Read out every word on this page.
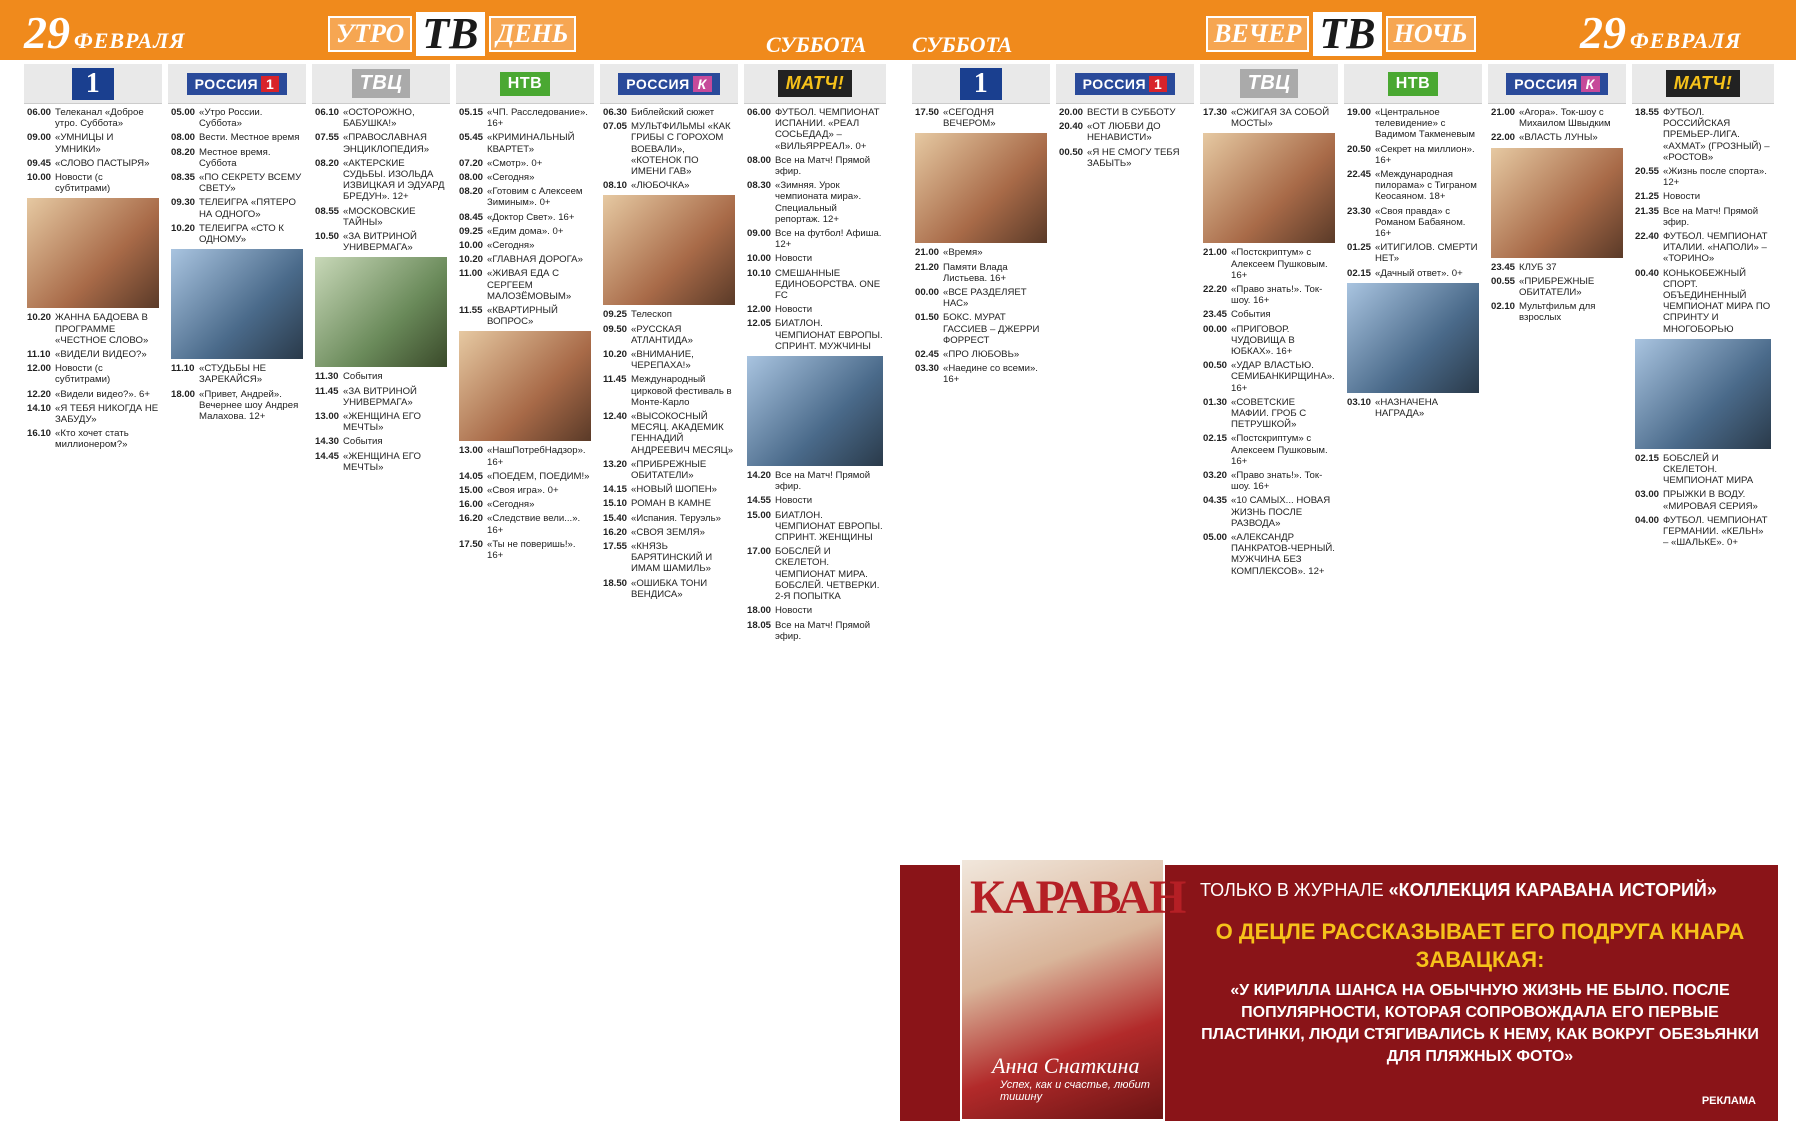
29 ФЕВРАЛЯ	УТРО ТВ ДЕНЬ	СУББОТА СУББОТА	ВЕЧЕР ТВ НОЧЬ 29 ФЕВРАЛЯ
1
06.00 Телеканал «Доброе утро. Суббота»
09.00 «УМНИЦЫ И УМНИКИ»
09.45 «СЛОВО ПАСТЫРЯ»
10.00 Новости (с субтитрами)
10.20 ЖАННА БАДОЕВА В ПРОГРАММЕ «ЧЕСТНОЕ СЛОВО»
11.10 «ВИДЕЛИ ВИДЕО?»
12.00 Новости (с субтитрами)
12.20 «Видели видео?». 6+
14.10 «Я ТЕБЯ НИКОГДА НЕ ЗАБУДУ»
16.10 «Кто хочет стать миллионером?»
РОССИЯ 1
05.00 «Утро России. Суббота»
08.00 Вести. Местное время
08.20 Местное время. Суббота
08.35 «ПО СЕКРЕТУ ВСЕМУ СВЕТУ»
09.30 ТЕЛЕИГРА «ПЯТЕРО НА ОДНОГО»
10.20 ТЕЛЕИГРА «СТО К ОДНОМУ»
11.10 «СТУДЬБЫ НЕ ЗАРЕКАЙСЯ»
18.00 «Привет, Андрей». Вечернее шоу Андрея Малахова. 12+
ТВЦ
06.10 «ОСТОРОЖНО, БАБУШКА!»
07.55 «ПРАВОСЛАВНАЯ ЭНЦИКЛОПЕДИЯ»
08.20 «АКТЕРСКИЕ СУДЬБЫ. ИЗОЛЬДА ИЗВИЦКАЯ И ЭДУАРД БРЕДУН». 12+
08.55 «МОСКОВСКИЕ ТАЙНЫ»
10.50 «ЗА ВИТРИНОЙ УНИВЕРМАГА»
11.30 События
11.45 «ЗА ВИТРИНОЙ УНИВЕРМАГА»
13.00 «ЖЕНЩИНА ЕГО МЕЧТЫ»
14.30 События
14.45 «ЖЕНЩИНА ЕГО МЕЧТЫ»
НТВ
05.15 «ЧП. Расследование». 16+
05.45 «КРИМИНАЛЬНЫЙ КВАРТЕТ»
07.20 «Смотр». 0+
08.00 «Сегодня»
08.20 «Готовим с Алексеем Зиминым». 0+
08.45 «Доктор Свет». 16+
09.25 «Едим дома». 0+
10.00 «Сегодня»
10.20 «ГЛАВНАЯ ДОРОГА»
11.00 «ЖИВАЯ ЕДА С СЕРГЕЕМ МАЛОЗЁМОВЫМ»
11.55 «КВАРТИРНЫЙ ВОПРОС»
13.00 «НашПотребНадзор». 16+
14.05 «ПОЕДЕМ, ПОЕДИМ!»
15.00 «Своя игра». 0+
16.00 «Сегодня»
16.20 «Следствие вели...». 16+
17.50 «Ты не поверишь!». 16+
РОССИЯ К
06.30 Библейский сюжет
07.05 МУЛЬТФИЛЬМЫ «КАК ГРИБЫ С ГОРОХОМ ВОЕВАЛИ», «КОТЕНОК ПО ИМЕНИ ГАВ»
08.10 «ЛЮБОЧКА»
09.25 Телескоп
09.50 «РУССКАЯ АТЛАНТИДА»
10.20 «ВНИМАНИЕ, ЧЕРЕПАХА!»
11.45 Международный цирковой фестиваль в Монте-Карло
12.40 «ВЫСОКОСНЫЙ МЕСЯЦ. АКАДЕМИК ГЕННАДИЙ АНДРЕЕВИЧ МЕСЯЦ»
13.20 «ПРИБРЕЖНЫЕ ОБИТАТЕЛИ»
14.15 «НОВЫЙ ШОПЕН»
15.10 РОМАН В КАМНЕ
15.40 «Испания. Теруэль»
16.20 «СВОЯ ЗЕМЛЯ»
17.55 «КНЯЗЬ БАРЯТИНСКИЙ И ИМАМ ШАМИЛЬ»
18.50 «ОШИБКА ТОНИ ВЕНДИСА»
МАТЧ!
06.00 ФУТБОЛ. ЧЕМПИОНАТ ИСПАНИИ. «РЕАЛ СОСЬЕДАД» – «ВИЛЬЯРРЕАЛ». 0+
08.00 Все на Матч! Прямой эфир.
08.30 «Зимняя. Урок чемпионата мира». Специальный репортаж. 12+
09.00 Все на футбол! Афиша. 12+
10.00 Новости
10.10 СМЕШАННЫЕ ЕДИНОБОРСТВА. ONE FC
12.00 Новости
12.05 БИАТЛОН. ЧЕМПИОНАТ ЕВРОПЫ. СПРИНТ. МУЖЧИНЫ
14.20 Все на Матч! Прямой эфир.
14.55 Новости
15.00 БИАТЛОН. ЧЕМПИОНАТ ЕВРОПЫ. СПРИНТ. ЖЕНЩИНЫ
17.00 БОБСЛЕЙ И СКЕЛЕТОН. ЧЕМПИОНАТ МИРА. БОБСЛЕЙ. ЧЕТВЕРКИ. 2-Я ПОПЫТКА
18.00 Новости
18.05 Все на Матч! Прямой эфир.
1
17.50 «СЕГОДНЯ ВЕЧЕРОМ»
21.00 «Время»
21.20 Памяти Влада Листьева. 16+
00.00 «ВСЕ РАЗДЕЛЯЕТ НАС»
01.50 БОКС. МУРАТ ГАССИЕВ – ДЖЕРРИ ФОРРЕСТ
02.45 «ПРО ЛЮБОВЬ»
03.30 «Наедине со всеми». 16+
РОССИЯ 1
20.00 ВЕСТИ В СУББОТУ
20.40 «ОТ ЛЮБВИ ДО НЕНАВИСТИ»
00.50 «Я НЕ СМОГУ ТЕБЯ ЗАБЫТЬ»
ТВЦ
17.30 «СЖИГАЯ ЗА СОБОЙ МОСТЫ»
21.00 «Постскриптум» с Алексеем Пушковым. 16+
22.20 «Право знать!». Ток-шоу. 16+
23.45 События
00.00 «ПРИГОВОР. ЧУДОВИЩА В ЮБКАХ». 16+
00.50 «УДАР ВЛАСТЬЮ. СЕМИБАНКИРЩИНА». 16+
01.30 «СОВЕТСКИЕ МАФИИ. ГРОБ С ПЕТРУШКОЙ»
02.15 «Постскриптум» с Алексеем Пушковым. 16+
03.20 «Право знать!». Ток-шоу. 16+
04.35 «10 САМЫХ... НОВАЯ ЖИЗНЬ ПОСЛЕ РАЗВОДА»
05.00 «АЛЕКСАНДР ПАНКРАТОВ-ЧЕРНЫЙ. МУЖЧИНА БЕЗ КОМПЛЕКСОВ». 12+
НТВ
19.00 «Центральное телевидение» с Вадимом Такменевым
20.50 «Секрет на миллион». 16+
22.45 «Международная пилорама» с Тиграном Кеосаяном. 18+
23.30 «Своя правда» с Романом Бабаяном. 16+
01.25 «ИТИГИЛОВ. СМЕРТИ НЕТ»
02.15 «Дачный ответ». 0+
03.10 «НАЗНАЧЕНА НАГРАДА»
РОССИЯ К
21.00 «Агора». Ток-шоу с Михаилом Швыдким
22.00 «ВЛАСТЬ ЛУНЫ»
23.45 КЛУБ 37
00.55 «ПРИБРЕЖНЫЕ ОБИТАТЕЛИ»
02.10 Мультфильм для взрослых
МАТЧ!
18.55 ФУТБОЛ. РОССИЙСКАЯ ПРЕМЬЕР-ЛИГА. «АХМАТ» (ГРОЗНЫЙ) – «РОСТОВ»
20.55 «Жизнь после спорта». 12+
21.25 Новости
21.35 Все на Матч! Прямой эфир.
22.40 ФУТБОЛ. ЧЕМПИОНАТ ИТАЛИИ. «НАПОЛИ» – «ТОРИНО»
00.40 КОНЬКОБЕЖНЫЙ СПОРТ. ОБЪЕДИНЕННЫЙ ЧЕМПИОНАТ МИРА ПО СПРИНТУ И МНОГОБОРЬЮ
02.15 БОБСЛЕЙ И СКЕЛЕТОН. ЧЕМПИОНАТ МИРА
03.00 ПРЫЖКИ В ВОДУ. «МИРОВАЯ СЕРИЯ»
04.00 ФУТБОЛ. ЧЕМПИОНАТ ГЕРМАНИИ. «КЕЛЬН» – «ШАЛЬКЕ». 0+
КАРАВАН
Анна Снаткина
Успех, как и счастье, любит тишину
ТОЛЬКО В ЖУРНАЛЕ «КОЛЛЕКЦИЯ КАРАВАНА ИСТОРИЙ»
О ДЕЦЛЕ РАССКАЗЫВАЕТ ЕГО ПОДРУГА КНАРА ЗАВАЦКАЯ:
«У КИРИЛЛА ШАНСА НА ОБЫЧНУЮ ЖИЗНЬ НЕ БЫЛО. ПОСЛЕ ПОПУЛЯРНОСТИ, КОТОРАЯ СОПРОВОЖДАЛА ЕГО ПЕРВЫЕ ПЛАСТИНКИ, ЛЮДИ СТЯГИВАЛИСЬ К НЕМУ, КАК ВОКРУГ ОБЕЗЬЯНКИ ДЛЯ ПЛЯЖНЫХ ФОТО»
РЕКЛАМА
